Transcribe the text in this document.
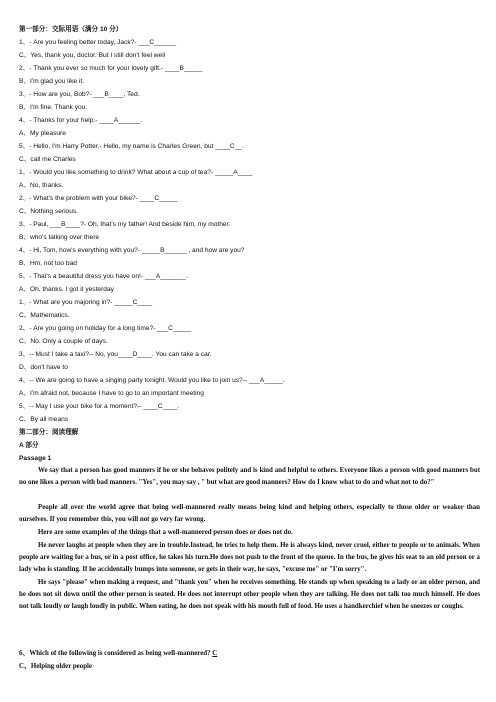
第一部分：交际用语（满分 10 分）
1、- Are you feeling better today, Jack?- ___C______
C、Yes, thank you, doctor. But I still don't feel well
2、- Thank you ever so much for your lovely gift.- ____B_____
B、I'm glad you like it.
3、- How are you, Bob?- ___B____, Ted.
B、I'm fine. Thank you.
4、- Thanks for your help.- ____A______.
A、My pleasure
5、- Hello, I'm Harry Potter.- Hello, my name is Charles Green, but ____C__.
C、call me Charles
1、- Would you like something to drink? What about a cup of tea?- _____A____
A、No, thanks.
2、- What's the problem with your bike?- ____C_____
C、Nothing serious.
3、- Paul, ___B____?- Oh, that's my father! And beside him, my mother.
B、who's talking over there
4、- Hi, Tom, how's everything with you?- _____B______ , and how are you?
B、Hm, not too bad
5、- That's a beautiful dress you have on!- ___A_______.
A、Oh, thanks. I got it yesterday
1、- What are you majoring in?- _____C____
C、Mathematics.
2、- Are you going on holiday for a long time?- ___C_____
C、No. Only a couple of days.
3、-- Must I take a taxi?-- No, you____D____. You can take a car.
D、don't have to
4、-- We are going to have a singing party tonight. Would you like to join us?-- ___A_____.
A、I'm afraid not, because I have to go to an important meeting
5、-- May I use your bike for a moment?-- ____C____.
C、By all means
第二部分：阅读理解
A 部分
Passage 1
We say that a person has good manners if he or she behaves politely and is kind and helpful to others. Everyone likes a person with good manners but no one likes a person with bad manners. "Yes", you may say , " but what are good manners? How do I know what to do and what not to do?"
People all over the world agree that being well-mannered really means being kind and helping others, especially to those older or weaker than ourselves. If you remember this, you will not go very far wrong.
Here are some examples of the things that a well-mannered person does or does not do.
He never laughs at people when they are in trouble.Instead, he tries to help them. He is always kind, never cruel, either to people or to animals. When people are waiting for a bus, or in a post office, he takes his turn.He does not push to the front of the queue. In the bus, he gives his seat to an old person or a lady who is standing. If he accidentally bumps into someone, or gets in their way, he says, "excuse me" or "I'm sorry".
He says "please" when making a request, and "thank you" when he receives something. He stands up when speaking to a lady or an older person, and he does not sit down until the other person is seated. He does not interrupt other people when they are talking. He does not talk too much himself. He does not talk loudly or laugh loudly in public. When eating, he does not speak with his mouth full of food. He uses a handkerchief when he sneezes or coughs.
6、Which of the following is considered as being well-mannered? C
C、Helping older people
